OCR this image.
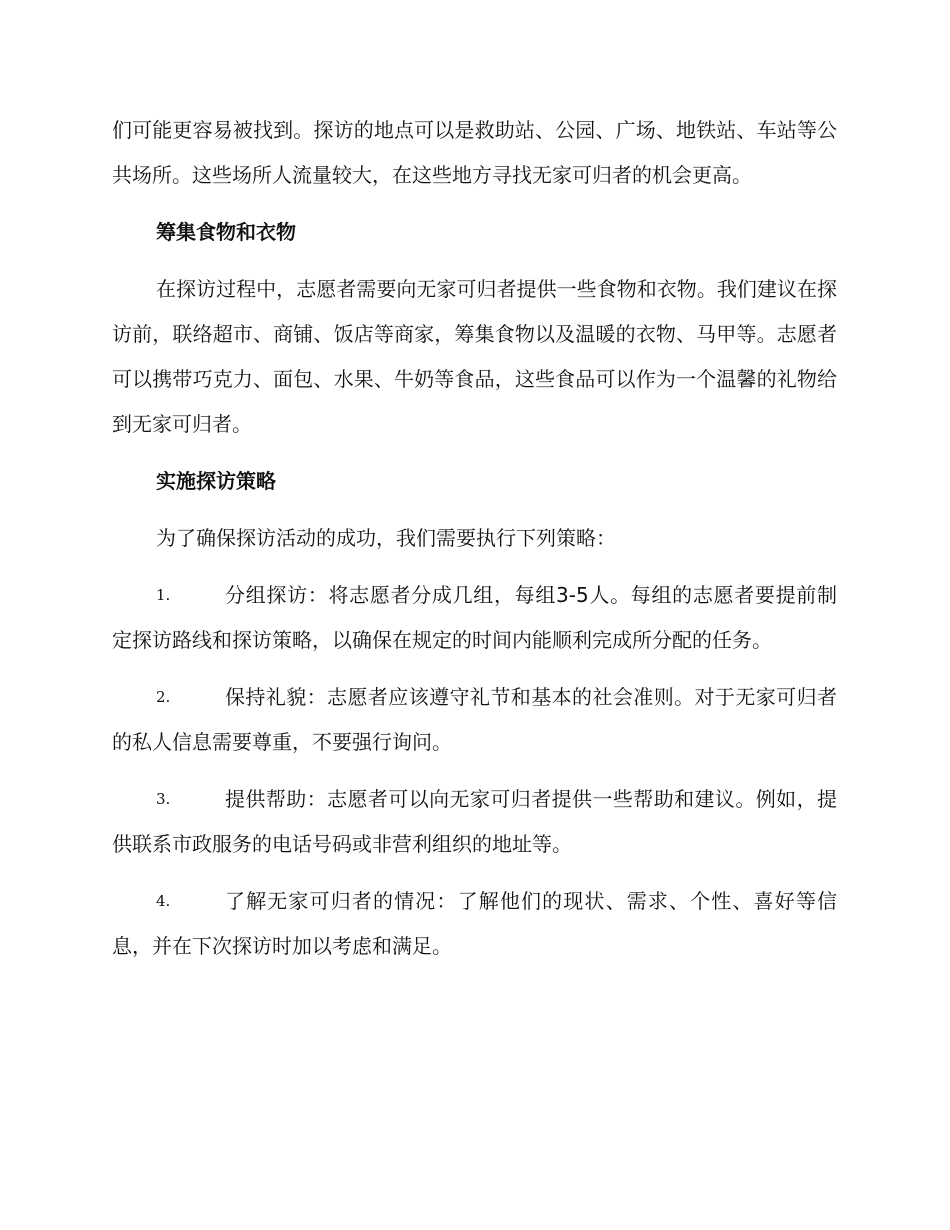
们可能更容易被找到。探访的地点可以是救助站、公园、广场、地铁站、车站等公共场所。这些场所人流量较大，在这些地方寻找无家可归者的机会更高。

筹集食物和衣物

在探访过程中，志愿者需要向无家可归者提供一些食物和衣物。我们建议在探访前，联络超市、商铺、饭店等商家，筹集食物以及温暖的衣物、马甲等。志愿者可以携带巧克力、面包、水果、牛奶等食品，这些食品可以作为一个温馨的礼物给到无家可归者。

实施探访策略

为了确保探访活动的成功，我们需要执行下列策略：

1.	分组探访：将志愿者分成几组，每组3-5人。每组的志愿者要提前制定探访路线和探访策略，以确保在规定的时间内能顺利完成所分配的任务。
2.	保持礼貌：志愿者应该遵守礼节和基本的社会准则。对于无家可归者的私人信息需要尊重，不要强行询问。
3.	提供帮助：志愿者可以向无家可归者提供一些帮助和建议。例如，提供联系市政服务的电话号码或非营利组织的地址等。
4.	了解无家可归者的情况：了解他们的现状、需求、个性、喜好等信息，并在下次探访时加以考虑和满足。
